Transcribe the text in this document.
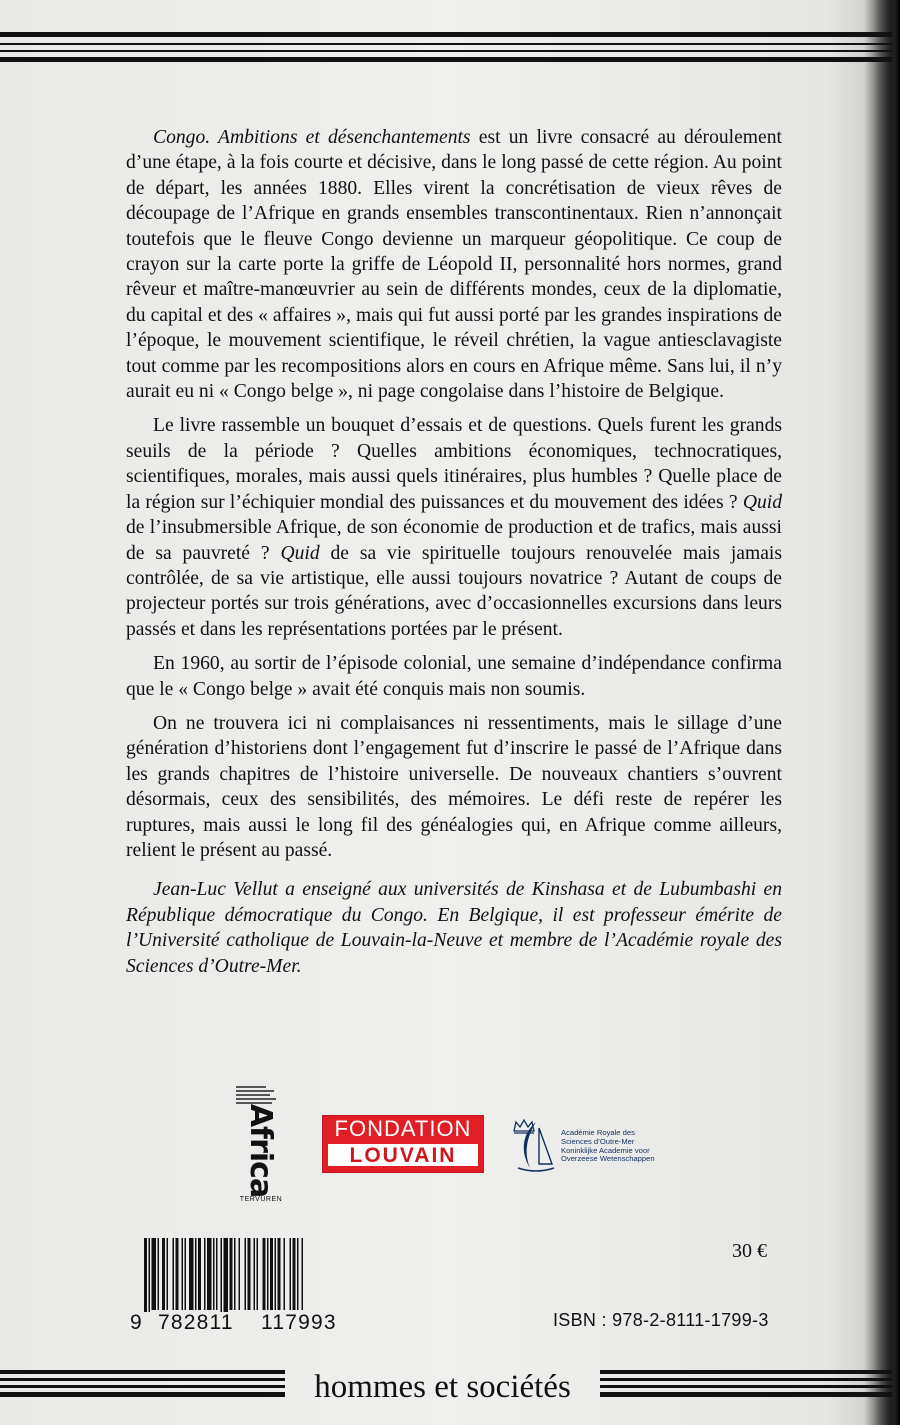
Congo. Ambitions et désenchantements est un livre consacré au déroulement d’une étape, à la fois courte et décisive, dans le long passé de cette région. Au point de départ, les années 1880. Elles virent la concrétisation de vieux rêves de découpage de l’Afrique en grands ensembles transcontinentaux. Rien n’annonçait toutefois que le fleuve Congo devienne un marqueur géopolitique. Ce coup de crayon sur la carte porte la griffe de Léopold II, personnalité hors normes, grand rêveur et maître-manœuvrier au sein de différents mondes, ceux de la diplomatie, du capital et des « affaires », mais qui fut aussi porté par les grandes inspirations de l’époque, le mouvement scientifique, le réveil chrétien, la vague antiesclavagiste tout comme par les recompositions alors en cours en Afrique même. Sans lui, il n’y aurait eu ni « Congo belge », ni page congolaise dans l’histoire de Belgique.

Le livre rassemble un bouquet d’essais et de questions. Quels furent les grands seuils de la période ? Quelles ambitions économiques, technocratiques, scientifiques, morales, mais aussi quels itinéraires, plus humbles ? Quelle place de la région sur l’échiquier mondial des puissances et du mouvement des idées ? Quid de l’insubmersible Afrique, de son économie de production et de trafics, mais aussi de sa pauvreté ? Quid de sa vie spirituelle toujours renouvelée mais jamais contrôlée, de sa vie artistique, elle aussi toujours novatrice ? Autant de coups de projecteur portés sur trois générations, avec d’occasionnelles excursions dans leurs passés et dans les représentations portées par le présent.

En 1960, au sortir de l’épisode colonial, une semaine d’indépendance confirma que le « Congo belge » avait été conquis mais non soumis.

On ne trouvera ici ni complaisances ni ressentiments, mais le sillage d’une génération d’historiens dont l’engagement fut d’inscrire le passé de l’Afrique dans les grands chapitres de l’histoire universelle. De nouveaux chantiers s’ouvrent désormais, ceux des sensibilités, des mémoires. Le défi reste de repérer les ruptures, mais aussi le long fil des généalogies qui, en Afrique comme ailleurs, relient le présent au passé.

Jean-Luc Vellut a enseigné aux universités de Kinshasa et de Lubumbashi en République démocratique du Congo. En Belgique, il est professeur émérite de l’Université catholique de Louvain-la-Neuve et membre de l’Académie royale des Sciences d’Outre-Mer.

Africa
TERVUREN
FONDATION
LOUVAIN
Académie Royale des
Sciences d’Outre-Mer
Koninklijke Academie voor
Overzeese Wetenschappen
9 782811 117993
30 €
ISBN : 978-2-8111-1799-3
hommes et sociétés
